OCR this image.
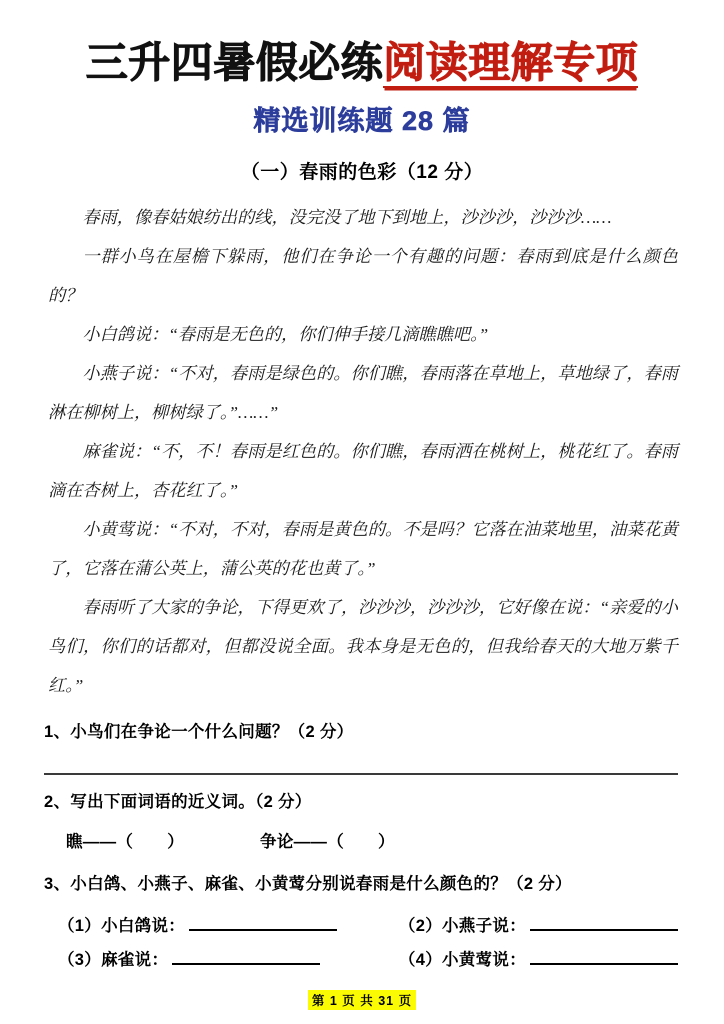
三升四暑假必练阅读理解专项
精选训练题 28 篇
（一）春雨的色彩（12 分）

春雨，像春姑娘纺出的线，没完没了地下到地上，沙沙沙，沙沙沙……

一群小鸟在屋檐下躲雨，他们在争论一个有趣的问题：春雨到底是什么颜色的？

小白鸽说：“春雨是无色的，你们伸手接几滴瞧瞧吧。”

小燕子说：“不对，春雨是绿色的。你们瞧，春雨落在草地上，草地绿了，春雨淋在柳树上，柳树绿了。”……”

麻雀说：“不，不！春雨是红色的。你们瞧，春雨洒在桃树上，桃花红了。春雨滴在杏树上，杏花红了。”

小黄莺说：“不对，不对，春雨是黄色的。不是吗？它落在油菜地里，油菜花黄了，它落在蒲公英上，蒲公英的花也黄了。”

春雨听了大家的争论，下得更欢了，沙沙沙，沙沙沙，它好像在说：“亲爱的小鸟们，你们的话都对，但都没说全面。我本身是无色的，但我给春天的大地万紫千红。”

1、小鸟们在争论一个什么问题？（2 分）
2、写出下面词语的近义词。（2 分）
瞧——（ ）	争论——（ ）
3、小白鸽、小燕子、麻雀、小黄莺分别说春雨是什么颜色的？（2 分）
（1）小白鸽说：	（2）小燕子说：
（3）麻雀说：	（4）小黄莺说：
第 1 页 共 31 页
